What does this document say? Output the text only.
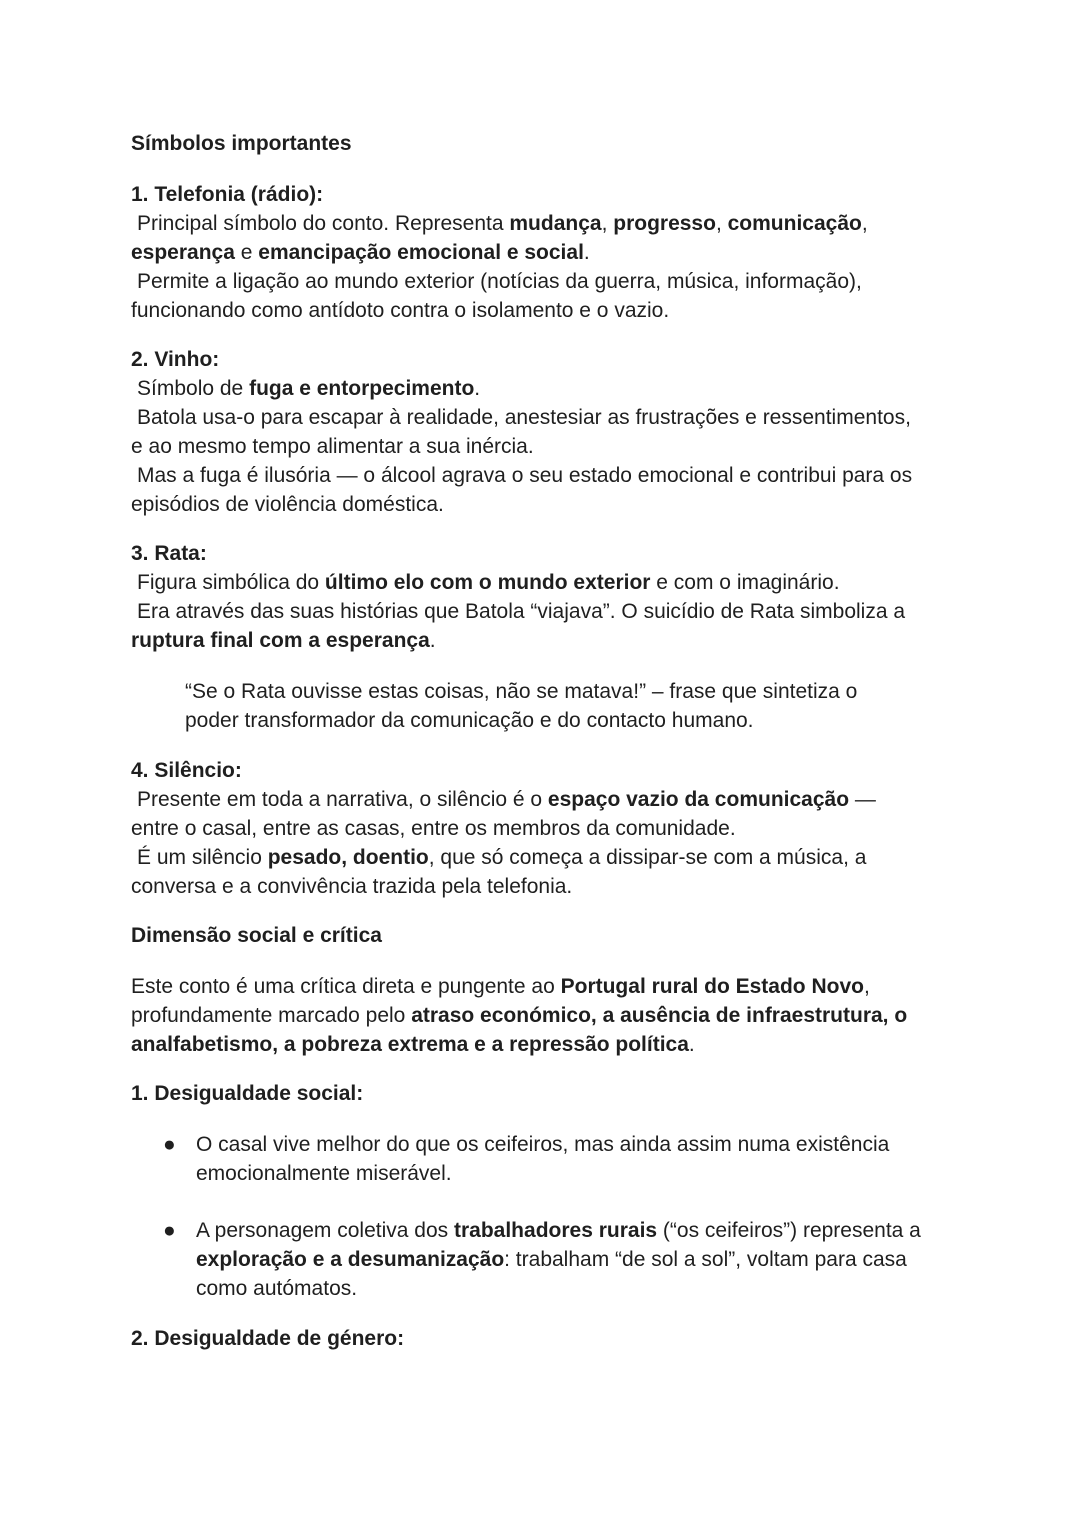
Símbolos importantes
1. Telefonia (rádio):
Principal símbolo do conto. Representa mudança, progresso, comunicação,
esperança e emancipação emocional e social.
Permite a ligação ao mundo exterior (notícias da guerra, música, informação),
funcionando como antídoto contra o isolamento e o vazio.
2. Vinho:
Símbolo de fuga e entorpecimento.
Batola usa-o para escapar à realidade, anestesiar as frustrações e ressentimentos,
e ao mesmo tempo alimentar a sua inércia.
Mas a fuga é ilusória — o álcool agrava o seu estado emocional e contribui para os
episódios de violência doméstica.
3. Rata:
Figura simbólica do último elo com o mundo exterior e com o imaginário.
Era através das suas histórias que Batola “viajava”. O suicídio de Rata simboliza a
ruptura final com a esperança.
“Se o Rata ouvisse estas coisas, não se matava!” – frase que sintetiza o
poder transformador da comunicação e do contacto humano.
4. Silêncio:
Presente em toda a narrativa, o silêncio é o espaço vazio da comunicação —
entre o casal, entre as casas, entre os membros da comunidade.
É um silêncio pesado, doentio, que só começa a dissipar-se com a música, a
conversa e a convivência trazida pela telefonia.
Dimensão social e crítica
Este conto é uma crítica direta e pungente ao Portugal rural do Estado Novo,
profundamente marcado pelo atraso económico, a ausência de infraestrutura, o
analfabetismo, a pobreza extrema e a repressão política.
1. Desigualdade social:
● O casal vive melhor do que os ceifeiros, mas ainda assim numa existência
emocionalmente miserável.
● A personagem coletiva dos trabalhadores rurais (“os ceifeiros”) representa a
exploração e a desumanização: trabalham “de sol a sol”, voltam para casa
como autómatos.
2. Desigualdade de género:
